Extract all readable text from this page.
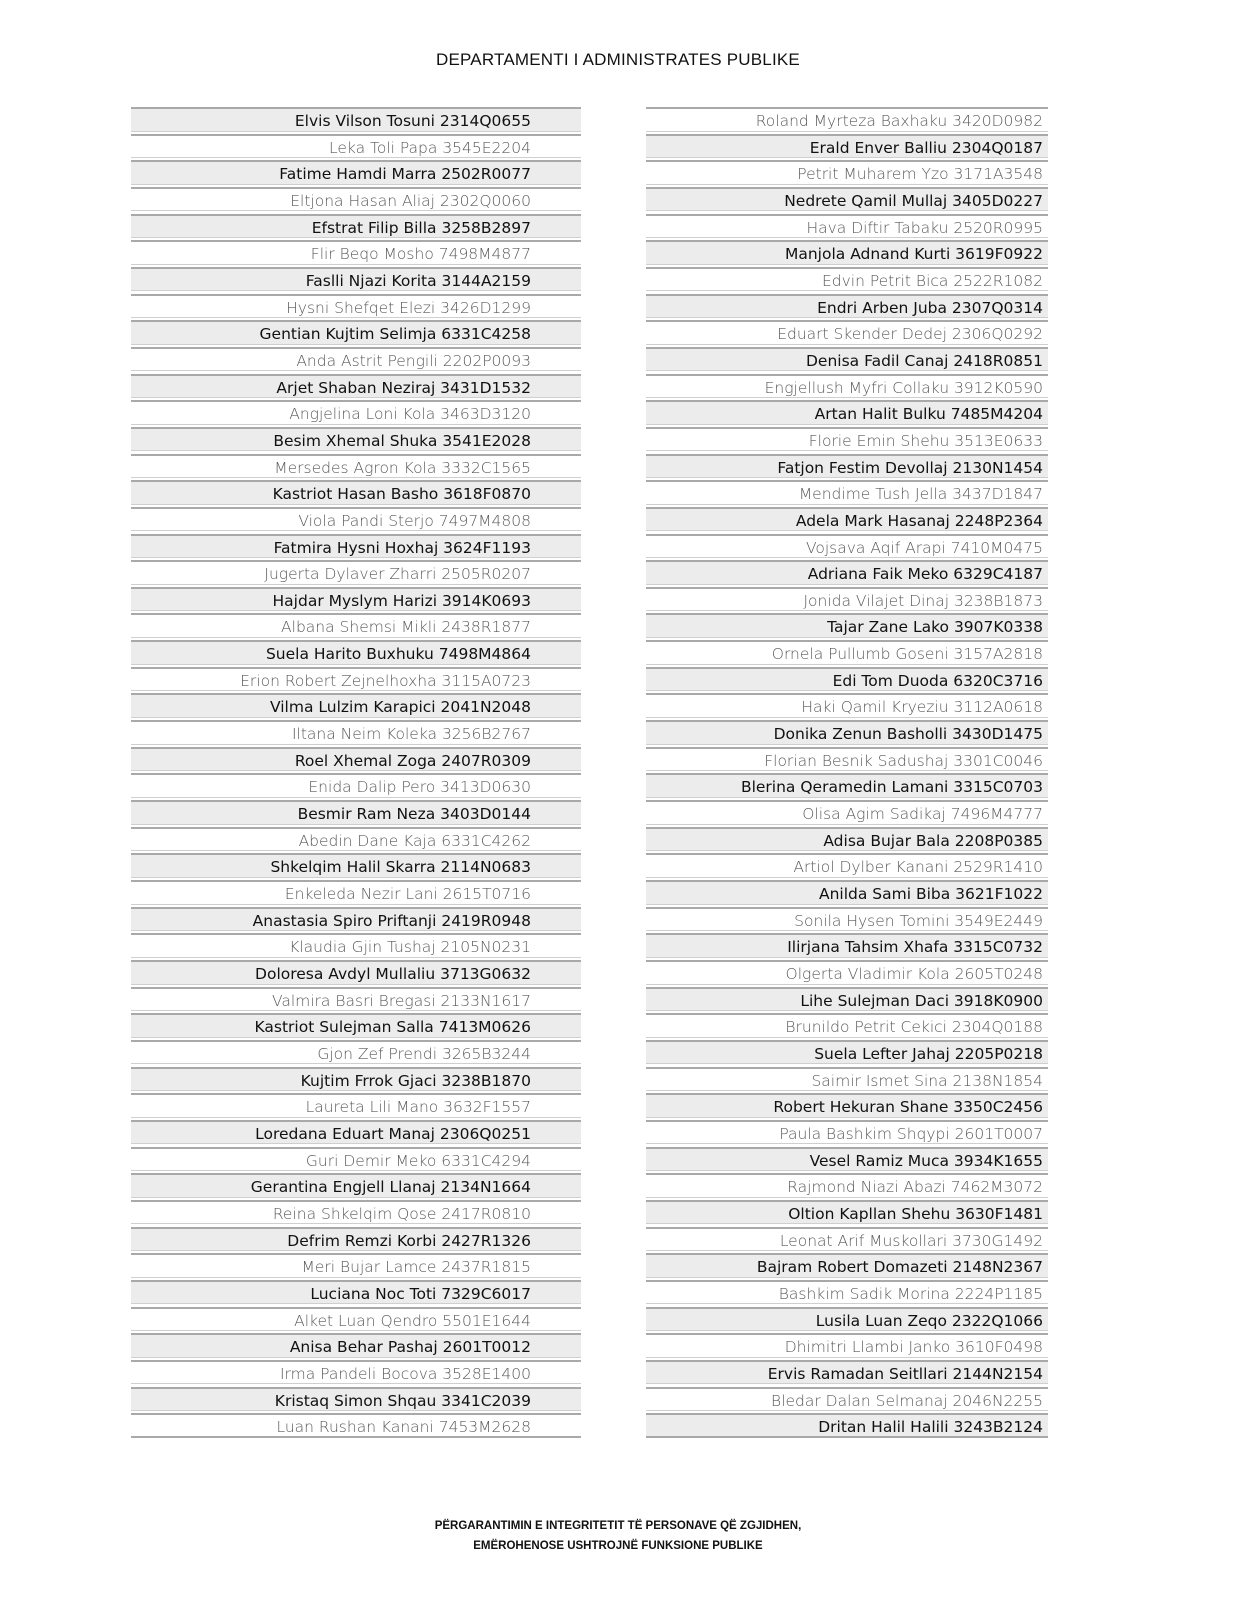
DEPARTAMENTI I ADMINISTRATES PUBLIKE
Elvis Vilson Tosuni 2314Q0655
Leka Toli Papa 3545E2204
Fatime Hamdi Marra 2502R0077
Eltjona Hasan Aliaj 2302Q0060
Efstrat Filip Billa 3258B2897
Flir Beqo Mosho 7498M4877
Faslli Njazi Korita 3144A2159
Hysni Shefqet Elezi 3426D1299
Gentian Kujtim Selimja 6331C4258
Anda Astrit Pengili 2202P0093
Arjet Shaban Neziraj 3431D1532
Angjelina Loni Kola 3463D3120
Besim Xhemal Shuka 3541E2028
Mersedes Agron Kola 3332C1565
Kastriot Hasan Basho 3618F0870
Viola Pandi Sterjo 7497M4808
Fatmira Hysni Hoxhaj 3624F1193
Jugerta Dylaver Zharri 2505R0207
Hajdar Myslym Harizi 3914K0693
Albana Shemsi Mikli 2438R1877
Suela Harito Buxhuku 7498M4864
Erion Robert Zejnelhoxha 3115A0723
Vilma Lulzim Karapici 2041N2048
Iltana Neim Koleka 3256B2767
Roel Xhemal Zoga 2407R0309
Enida Dalip Pero 3413D0630
Besmir Ram Neza 3403D0144
Abedin Dane Kaja 6331C4262
Shkelqim Halil Skarra 2114N0683
Enkeleda Nezir Lani 2615T0716
Anastasia Spiro Priftanji 2419R0948
Klaudia Gjin Tushaj 2105N0231
Doloresa Avdyl Mullaliu 3713G0632
Valmira Basri Bregasi 2133N1617
Kastriot Sulejman Salla 7413M0626
Gjon Zef Prendi 3265B3244
Kujtim Frrok Gjaci 3238B1870
Laureta Lili Mano 3632F1557
Loredana Eduart Manaj 2306Q0251
Guri Demir Meko 6331C4294
Gerantina Engjell Llanaj 2134N1664
Reina Shkelqim Qose 2417R0810
Defrim Remzi Korbi 2427R1326
Meri Bujar Lamce 2437R1815
Luciana Noc Toti 7329C6017
Alket Luan Qendro 5501E1644
Anisa Behar Pashaj 2601T0012
Irma Pandeli Bocova 3528E1400
Kristaq Simon Shqau 3341C2039
Luan Rushan Kanani 7453M2628
Roland Myrteza Baxhaku 3420D0982
Erald Enver Balliu 2304Q0187
Petrit Muharem Yzo 3171A3548
Nedrete Qamil Mullaj 3405D0227
Hava Diftir Tabaku 2520R0995
Manjola Adnand Kurti 3619F0922
Edvin Petrit Bica 2522R1082
Endri Arben Juba 2307Q0314
Eduart Skender Dedej 2306Q0292
Denisa Fadil Canaj 2418R0851
Engjellush Myfri Collaku 3912K0590
Artan Halit Bulku 7485M4204
Florie Emin Shehu 3513E0633
Fatjon Festim Devollaj 2130N1454
Mendime Tush Jella 3437D1847
Adela Mark Hasanaj 2248P2364
Vojsava Aqif Arapi 7410M0475
Adriana Faik Meko 6329C4187
Jonida Vilajet Dinaj 3238B1873
Tajar Zane Lako 3907K0338
Ornela Pullumb Goseni 3157A2818
Edi Tom Duoda 6320C3716
Haki Qamil Kryeziu 3112A0618
Donika Zenun Basholli 3430D1475
Florian Besnik Sadushaj 3301C0046
Blerina Qeramedin Lamani 3315C0703
Olisa Agim Sadikaj 7496M4777
Adisa Bujar Bala 2208P0385
Artiol Dylber Kanani 2529R1410
Anilda Sami Biba 3621F1022
Sonila Hysen Tomini 3549E2449
Ilirjana Tahsim Xhafa 3315C0732
Olgerta Vladimir Kola 2605T0248
Lihe Sulejman Daci 3918K0900
Brunildo Petrit Cekici 2304Q0188
Suela Lefter Jahaj 2205P0218
Saimir Ismet Sina 2138N1854
Robert Hekuran Shane 3350C2456
Paula Bashkim Shqypi 2601T0007
Vesel Ramiz Muca 3934K1655
Rajmond Niazi Abazi 7462M3072
Oltion Kapllan Shehu 3630F1481
Leonat Arif Muskollari 3730G1492
Bajram Robert Domazeti 2148N2367
Bashkim Sadik Morina 2224P1185
Lusila Luan Zeqo 2322Q1066
Dhimitri Llambi Janko 3610F0498
Ervis Ramadan Seitllari 2144N2154
Bledar Dalan Selmanaj 2046N2255
Dritan Halil Halili 3243B2124
PËRGARANTIMIN E INTEGRITETIT TË PERSONAVE QË ZGJIDHEN,
EMËROHENOSE USHTROJNË FUNKSIONE PUBLIKE
